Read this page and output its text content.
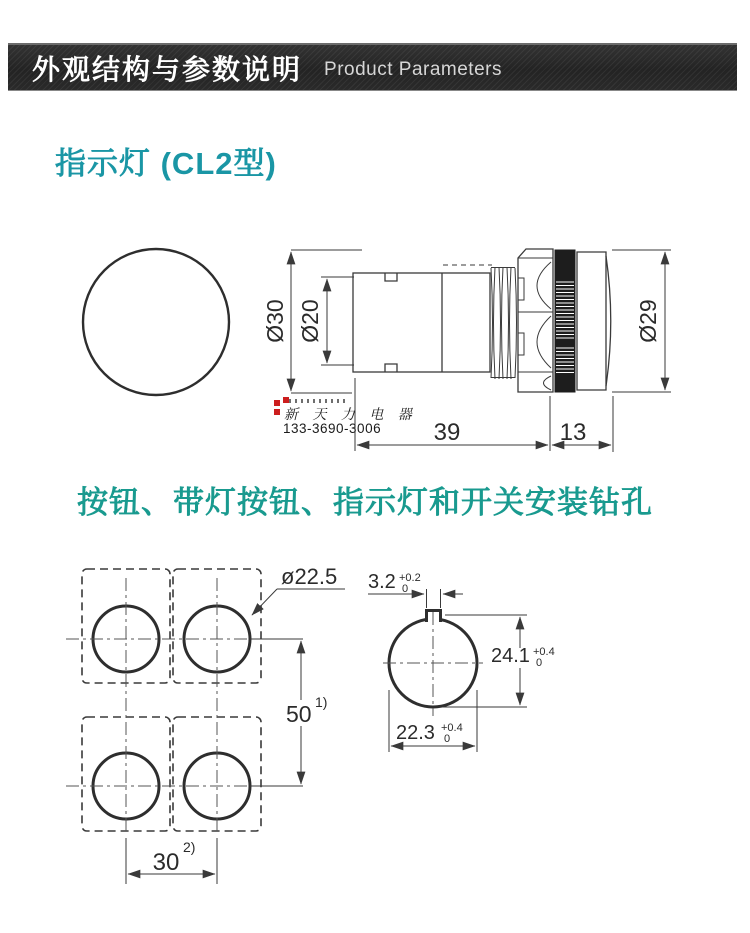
外观结构与参数说明 Product Parameters
指示灯 (CL2型)
按钮、带灯按钮、指示灯和开关安装钻孔
新 天 力 电 器
133-3690-3006
Ø30 Ø20	Ø29
39	13
ø22.5
50 1)
30
2)
3.2 +0.2
0
24.1 +0.4
0
22.3 +0.4
0
